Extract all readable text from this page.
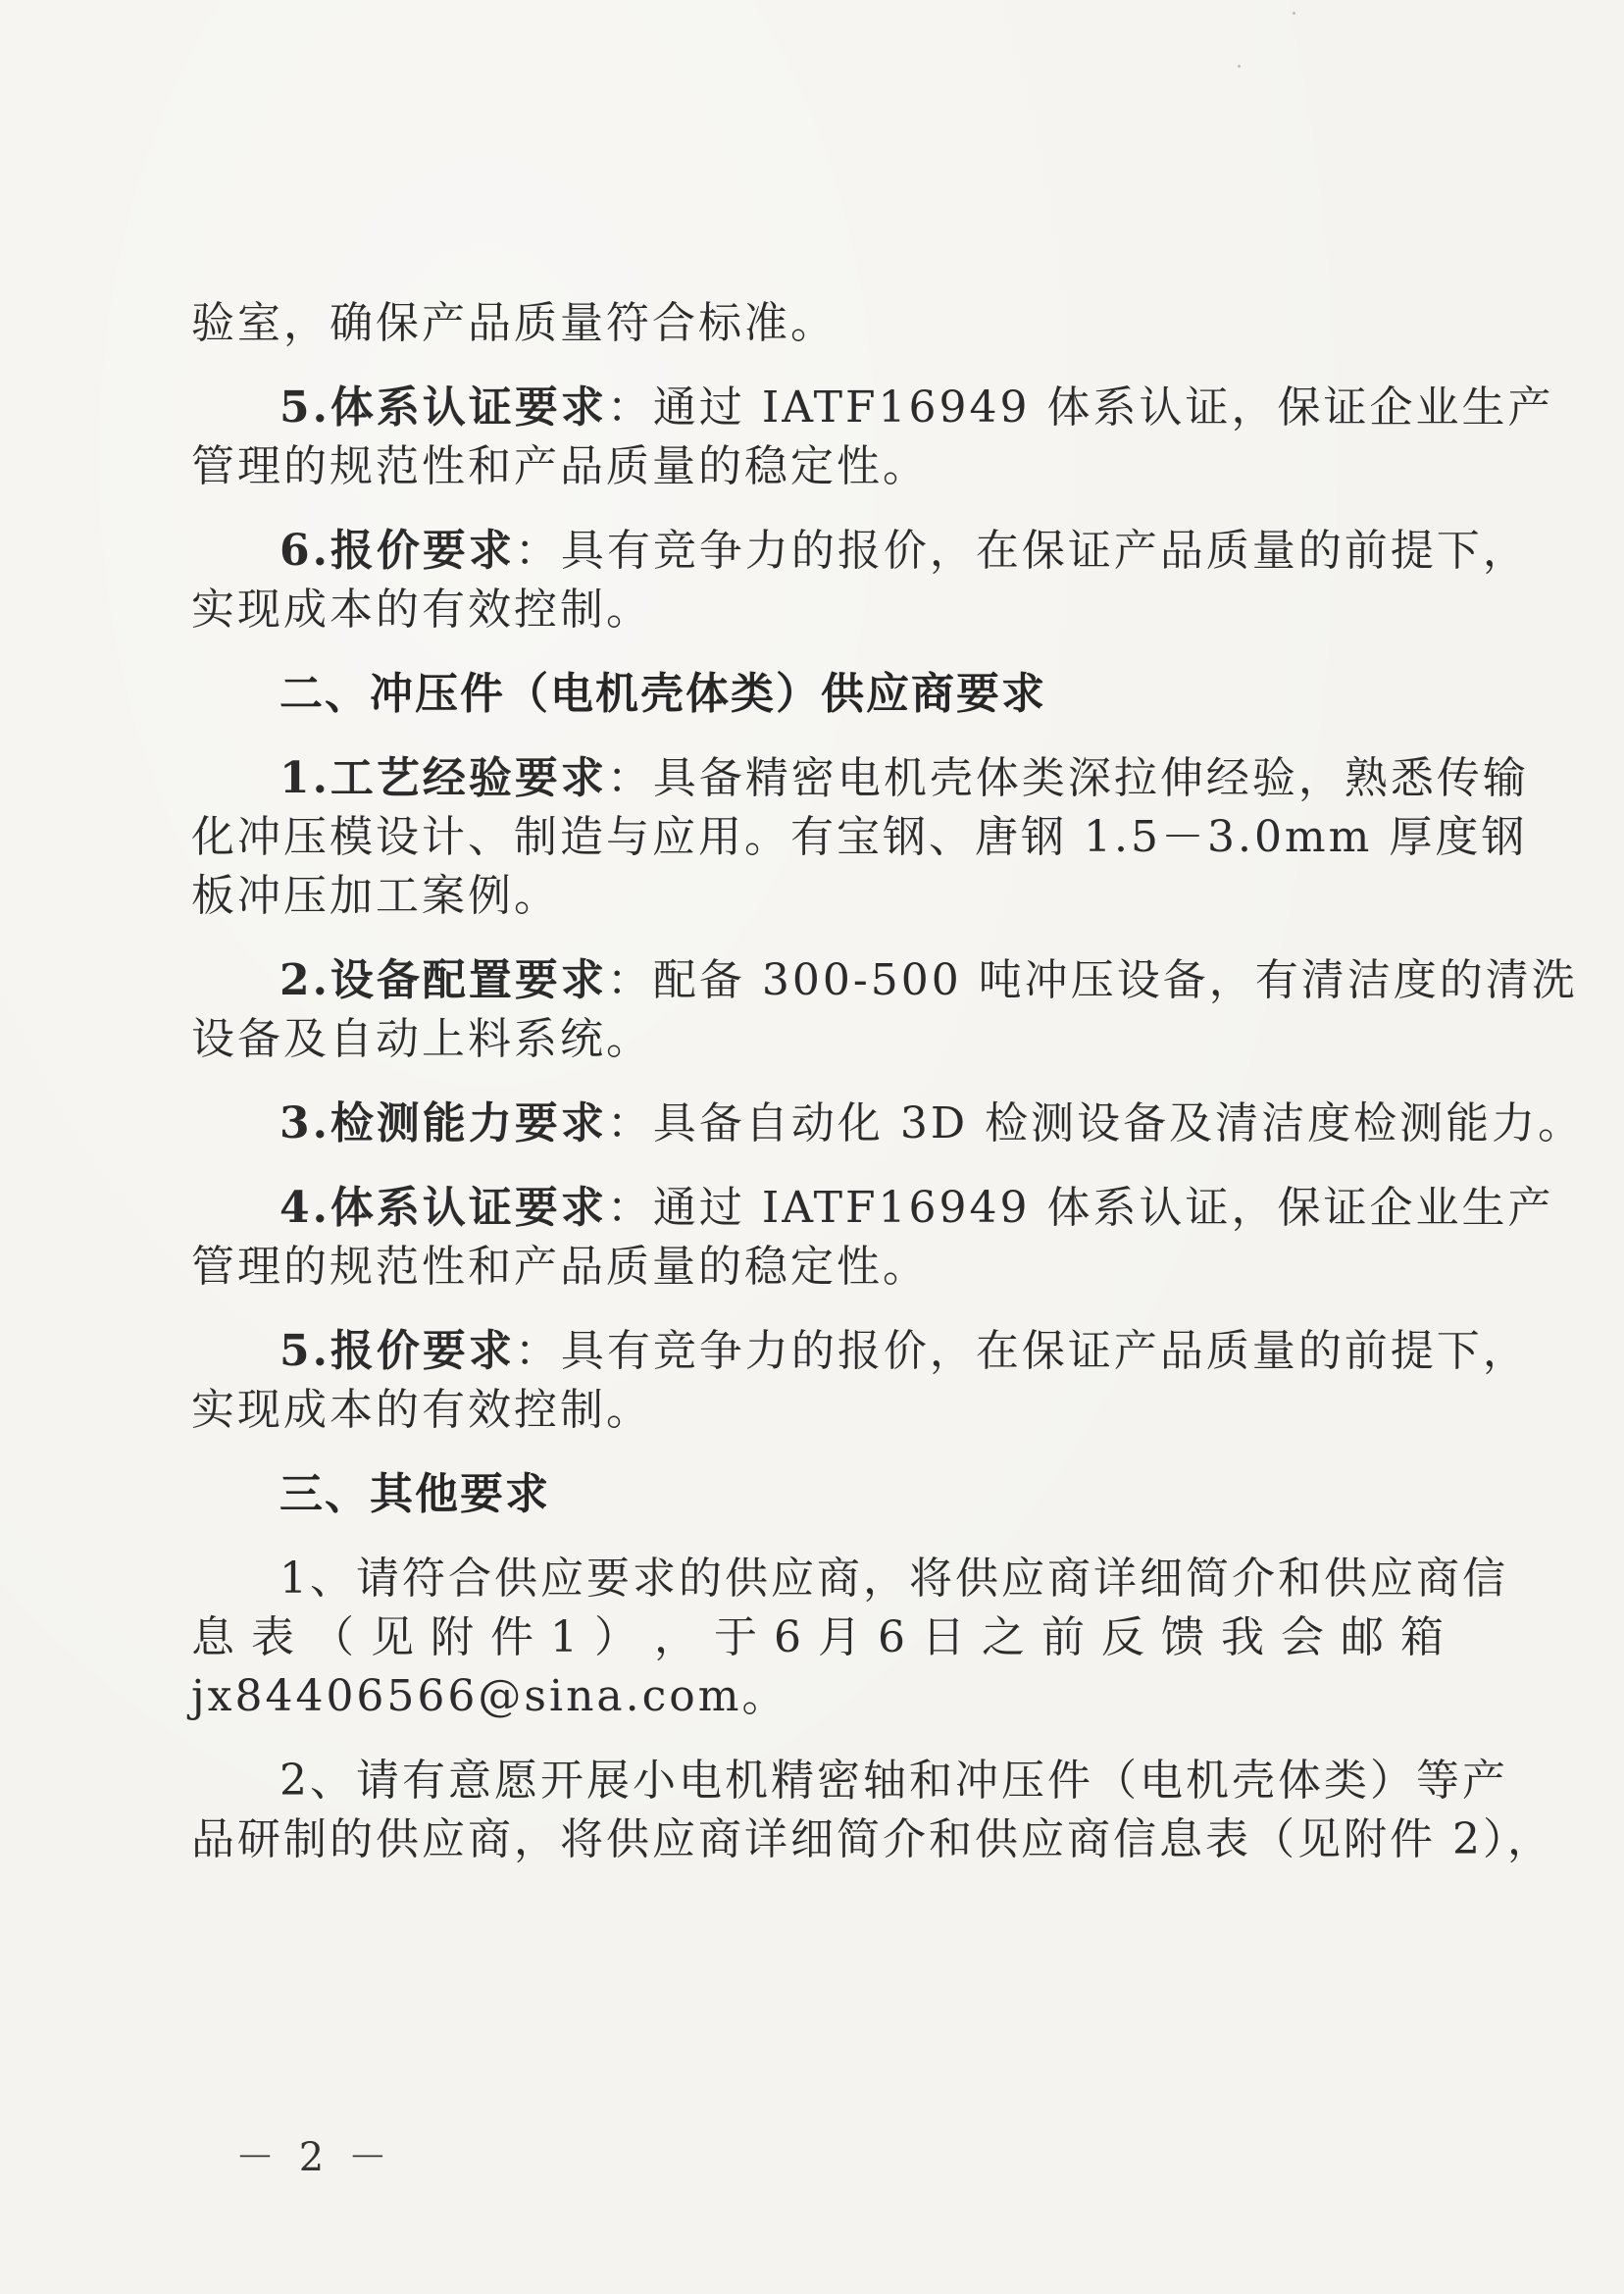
验室，确保产品质量符合标准。

5.体系认证要求：通过 IATF16949 体系认证，保证企业生产
管理的规范性和产品质量的稳定性。

6.报价要求：具有竞争力的报价，在保证产品质量的前提下，
实现成本的有效控制。

二、冲压件（电机壳体类）供应商要求

1.工艺经验要求：具备精密电机壳体类深拉伸经验，熟悉传输
化冲压模设计、制造与应用。有宝钢、唐钢 1.5－3.0mm 厚度钢
板冲压加工案例。

2.设备配置要求：配备 300-500 吨冲压设备，有清洁度的清洗
设备及自动上料系统。

3.检测能力要求：具备自动化 3D 检测设备及清洁度检测能力。

4.体系认证要求：通过 IATF16949 体系认证，保证企业生产
管理的规范性和产品质量的稳定性。

5.报价要求：具有竞争力的报价，在保证产品质量的前提下，
实现成本的有效控制。

三、其他要求

1、请符合供应要求的供应商，将供应商详细简介和供应商信
息 表 （ 见 附 件 1 ） ， 于 6 月 6 日 之 前 反 馈 我 会 邮 箱
jx84406566@sina.com。

2、请有意愿开展小电机精密轴和冲压件（电机壳体类）等产
品研制的供应商，将供应商详细简介和供应商信息表（见附件 2），

－ 2 －
